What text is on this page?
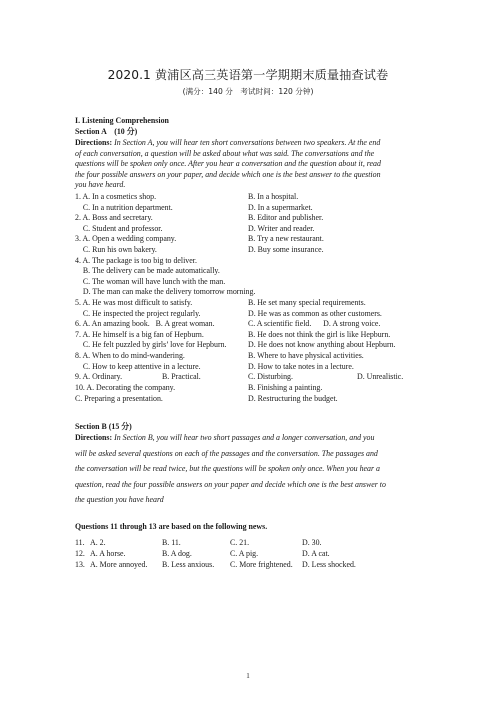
2020.1 黄浦区高三英语第一学期期末质量抽查试卷
(满分：140 分　考试时间：120 分钟)
I. Listening Comprehension
Section A　(10 分)
Directions: In Section A, you will hear ten short conversations between two speakers. At the end
of each conversation, a question will be asked about what was said. The conversations and the
questions will be spoken only once. After you hear a conversation and the question about it, read
the four possible answers on your paper, and decide which one is the best answer to the question
you have heard.
1. A. In a cosmetics shop.	B. In a hospital.
C. In a nutrition department.	D. In a supermarket.
2. A. Boss and secretary.	B. Editor and publisher.
C. Student and professor.	D. Writer and reader.
3. A. Open a wedding company.	B. Try a new restaurant.
C. Run his own bakery.	D. Buy some insurance.
4. A. The package is too big to deliver.
B. The delivery can be made automatically.
C. The woman will have lunch with the man.
D. The man can make the delivery tomorrow morning.
5. A. He was most difficult to satisfy.	B. He set many special requirements.
C. He inspected the project regularly.	D. He was as common as other customers.
6. A. An amazing book.   B. A great woman.	C. A scientific field.      D. A strong voice.
7. A. He himself is a big fan of Hepburn.	B. He does not think the girl is like Hepburn.
C. He felt puzzled by girls’ love for Hepburn.	D. He does not know anything about Hepburn.
8. A. When to do mind-wandering.	B. Where to have physical activities.
C. How to keep attentive in a lecture.	D. How to take notes in a lecture.
9. A. Ordinary.	B. Practical.	C. Disturbing.	D. Unrealistic.
10. A. Decorating the company.	B. Finishing a painting.
C. Preparing a presentation.	D. Restructuring the budget.
Section B (15 分)
Directions: In Section B, you will hear two short passages and a longer conversation, and you
will be asked several questions on each of the passages and the conversation. The passages and
the conversation will be read twice, but the questions will be spoken only once. When you hear a
question, read the four possible answers on your paper and decide which one is the best answer to
the question you have heard
Questions 11 through 13 are based on the following news.
11. A. 2.	B. 11.	C. 21.	D. 30.
12. A. A horse.	B. A dog.	C. A pig.	D. A cat.
13. A. More annoyed. B. Less anxious. C. More frightened. D. Less shocked.
1
